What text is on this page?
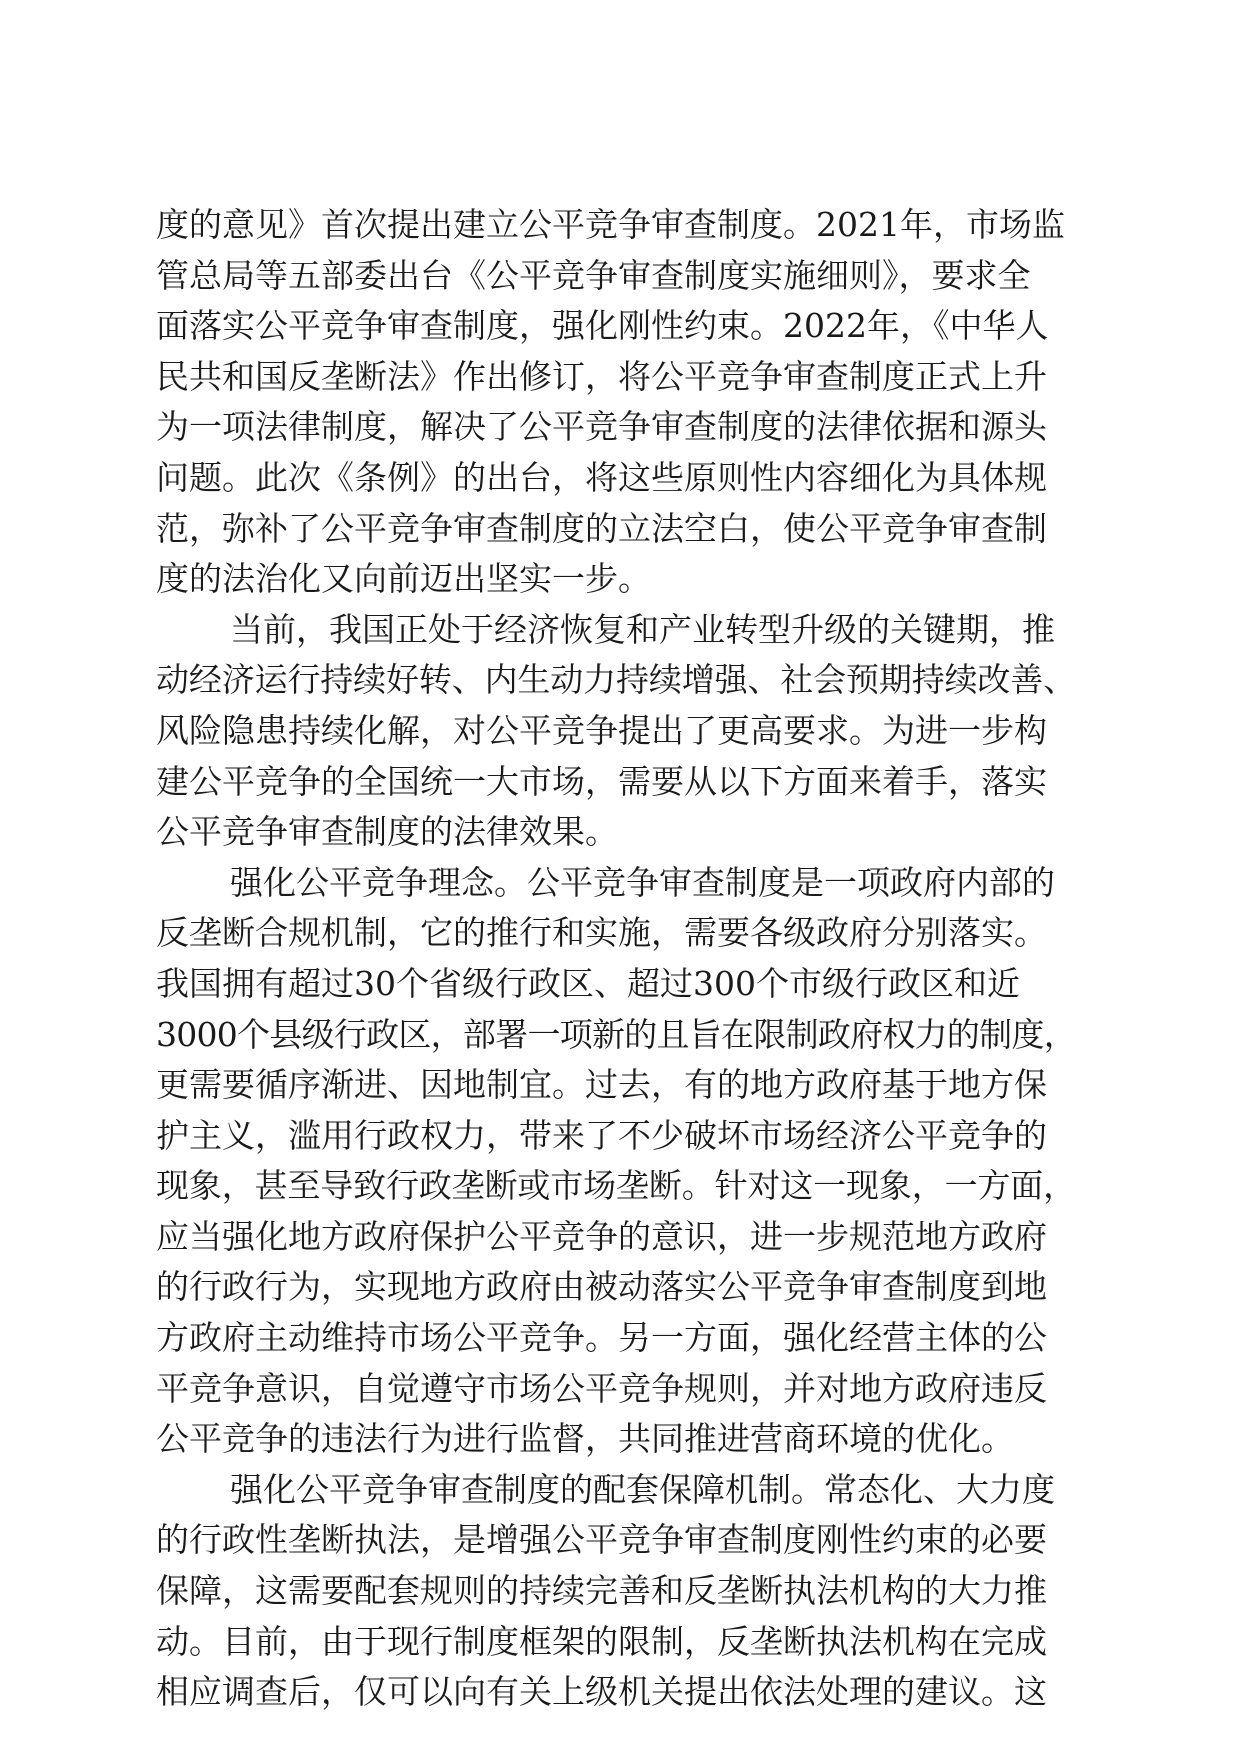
度的意见》首次提出建立公平竞争审查制度。2021年，市场监
管总局等五部委出台《公平竞争审查制度实施细则》，要求全
面落实公平竞争审查制度，强化刚性约束。2022年，《中华人
民共和国反垄断法》作出修订，将公平竞争审查制度正式上升
为一项法律制度，解决了公平竞争审查制度的法律依据和源头
问题。此次《条例》的出台，将这些原则性内容细化为具体规
范，弥补了公平竞争审查制度的立法空白，使公平竞争审查制
度的法治化又向前迈出坚实一步。
当前，我国正处于经济恢复和产业转型升级的关键期，推
动经济运行持续好转、内生动力持续增强、社会预期持续改善、
风险隐患持续化解，对公平竞争提出了更高要求。为进一步构
建公平竞争的全国统一大市场，需要从以下方面来着手，落实
公平竞争审查制度的法律效果。
强化公平竞争理念。公平竞争审查制度是一项政府内部的
反垄断合规机制，它的推行和实施，需要各级政府分别落实。
我国拥有超过30个省级行政区、超过300个市级行政区和近
3000个县级行政区，部署一项新的且旨在限制政府权力的制度，
更需要循序渐进、因地制宜。过去，有的地方政府基于地方保
护主义，滥用行政权力，带来了不少破坏市场经济公平竞争的
现象，甚至导致行政垄断或市场垄断。针对这一现象，一方面，
应当强化地方政府保护公平竞争的意识，进一步规范地方政府
的行政行为，实现地方政府由被动落实公平竞争审查制度到地
方政府主动维持市场公平竞争。另一方面，强化经营主体的公
平竞争意识，自觉遵守市场公平竞争规则，并对地方政府违反
公平竞争的违法行为进行监督，共同推进营商环境的优化。
强化公平竞争审查制度的配套保障机制。常态化、大力度
的行政性垄断执法，是增强公平竞争审查制度刚性约束的必要
保障，这需要配套规则的持续完善和反垄断执法机构的大力推
动。目前，由于现行制度框架的限制，反垄断执法机构在完成
相应调查后，仅可以向有关上级机关提出依法处理的建议。这
